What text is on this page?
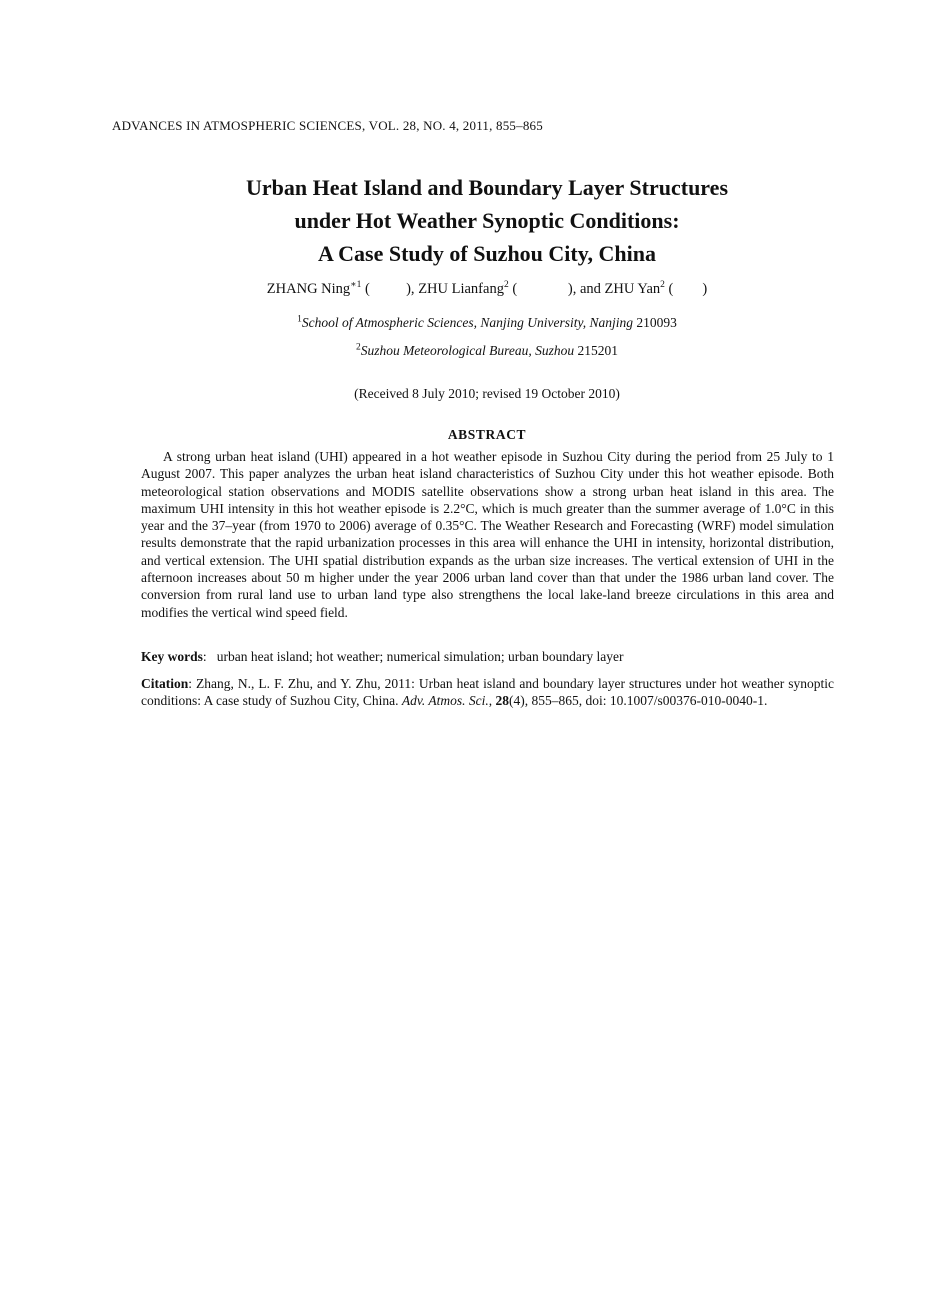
ADVANCES IN ATMOSPHERIC SCIENCES, VOL. 28, NO. 4, 2011, 855–865
Urban Heat Island and Boundary Layer Structures
under Hot Weather Synoptic Conditions:
A Case Study of Suzhou City, China
ZHANG Ning$^{∗1}$ (   ), ZHU Lianfang$^2$ (    ), and ZHU Yan$^2$ (  )
$^1$School of Atmospheric Sciences, Nanjing University, Nanjing 210093
$^2$Suzhou Meteorological Bureau, Suzhou 215201
(Received 8 July 2010; revised 19 October 2010)
ABSTRACT

A strong urban heat island (UHI) appeared in a hot weather episode in Suzhou City during the period from 25 July to 1 August 2007. This paper analyzes the urban heat island characteristics of Suzhou City under this hot weather episode. Both meteorological station observations and MODIS satellite observations show a strong urban heat island in this area. The maximum UHI intensity in this hot weather episode is 2.2°C, which is much greater than the summer average of 1.0°C in this year and the 37–year (from 1970 to 2006) average of 0.35°C. The Weather Research and Forecasting (WRF) model simulation results demonstrate that the rapid urbanization processes in this area will enhance the UHI in intensity, horizontal distribution, and vertical extension. The UHI spatial distribution expands as the urban size increases. The vertical extension of UHI in the afternoon increases about 50 m higher under the year 2006 urban land cover than that under the 1986 urban land cover. The conversion from rural land use to urban land type also strengthens the local lake-land breeze circulations in this area and modifies the vertical wind speed field.

Key words:  urban heat island; hot weather; numerical simulation; urban boundary layer

Citation: Zhang, N., L. F. Zhu, and Y. Zhu, 2011: Urban heat island and boundary layer structures under hot weather synoptic conditions: A case study of Suzhou City, China. Adv. Atmos. Sci., 28(4), 855–865, doi: 10.1007/s00376-010-0040-1.
